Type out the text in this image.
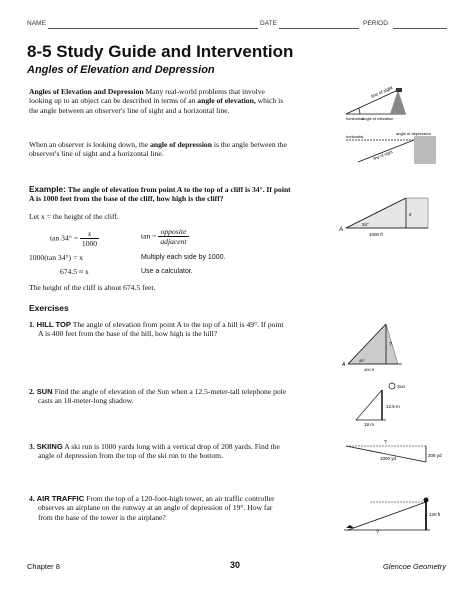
NAME	DATE	PERIOD
8-5 Study Guide and Intervention
Angles of Elevation and Depression
Angles of Elevation and Depression Many real-world problems that involve
looking up to an object can be described in terms of an angle of elevation, which is
the angle between an observer's line of sight and a horizontal line.
When an observer is looking down, the angle of depression is the angle between the
observer's line of sight and a horizontal line.
line of sight
angle of elevation
horizontal
horizontal
angle of depression
line of sight
Example: The angle of elevation from point A to the top of a cliff is 34°. If point
A is 1000 feet from the base of the cliff, how high is the cliff?
Let x = the height of the cliff.
$\tan 34^\circ = \frac{x}{1000}$	$\tan = \frac{\text{opposite}}{\text{adjacent}}$
1000(tan 34°) = x	Multiply each side by 1000.
674.5 ≈ x	Use a calculator.
The height of the cliff is about 674.5 feet.
A
34°
x
1000 ft
Exercises
1. HILL TOP The angle of elevation from point A to the top of a hill is 49°. If point
A is 400 feet from the base of the hill, how high is the hill?
2. SUN Find the angle of elevation of the Sun when a 12.5-meter-tall telephone pole
casts an 18-meter-long shadow.
3. SKIING A ski run is 1000 yards long with a vertical drop of 208 yards. Find the
angle of depression from the top of the ski run to the bottom.
4. AIR TRAFFIC From the top of a 120-foot-high tower, an air traffic controller
observes an airplane on the runway at an angle of depression of 19°. How far
from the base of the tower is the airplane?
A
49°
?
400 ft
Sun
12.5 m
18 m
?
1000 yd
208 yd
?
120 ft
Chapter 8	30	Glencoe Geometry
